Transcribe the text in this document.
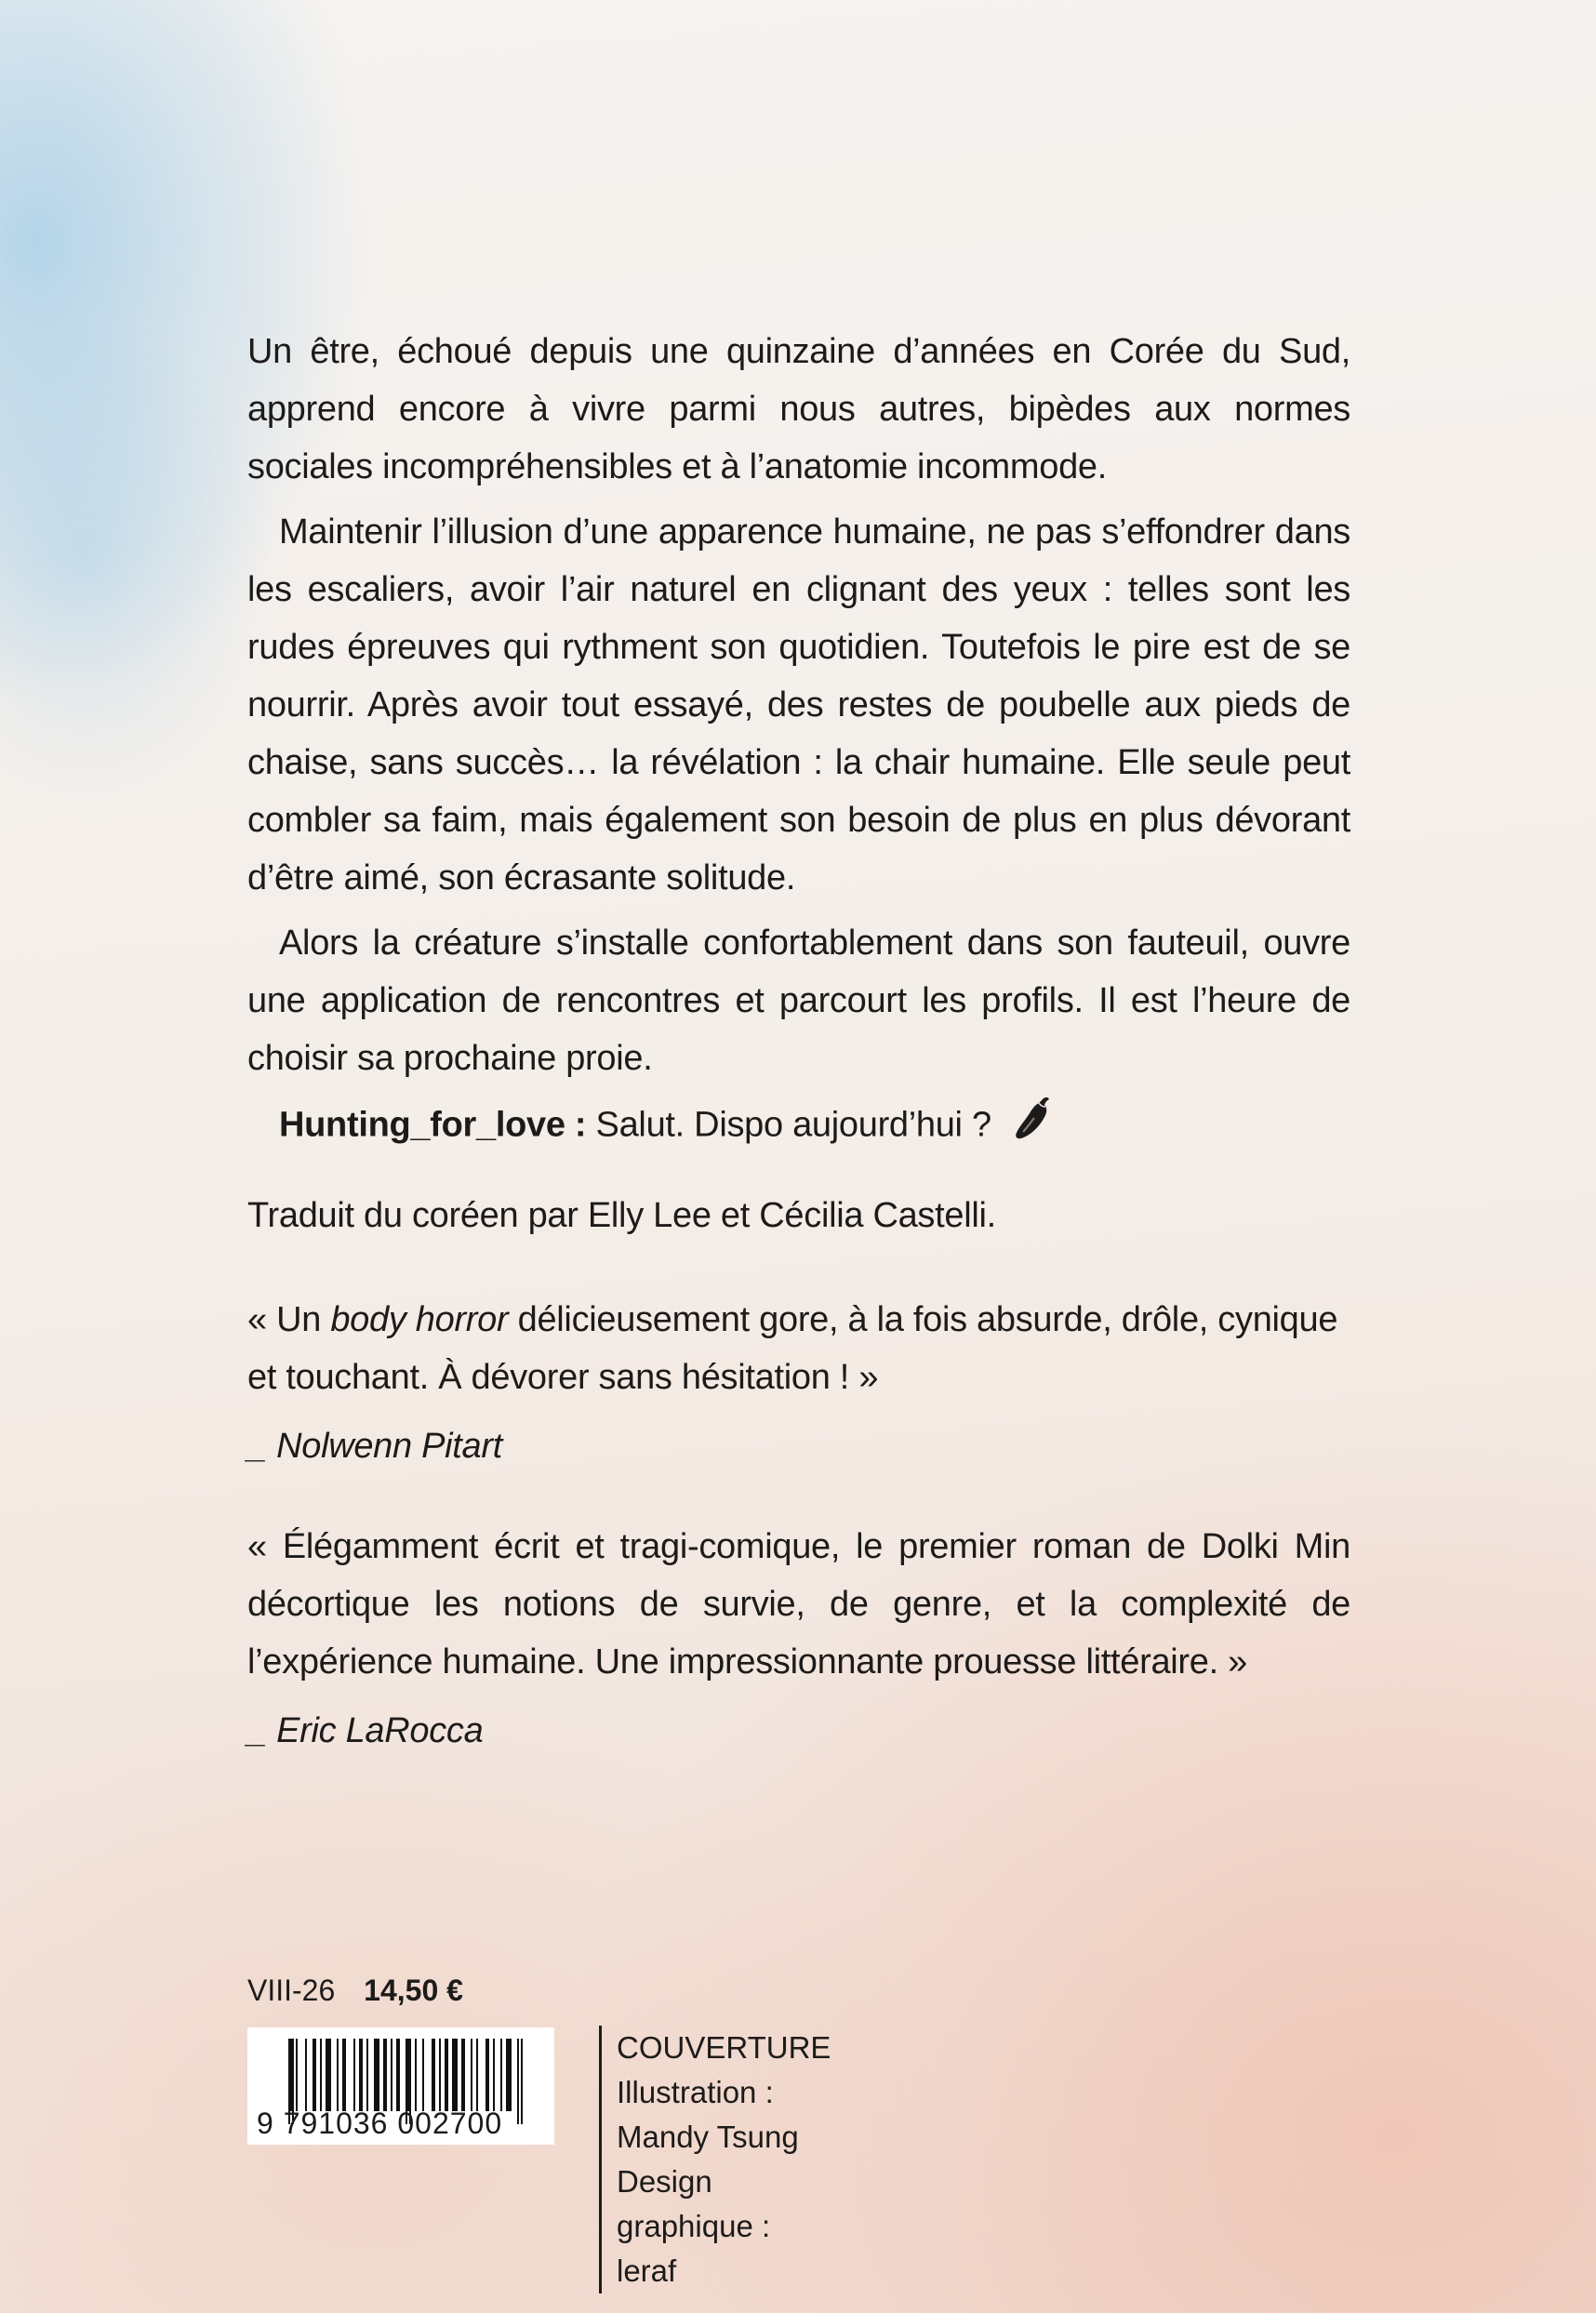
Un être, échoué depuis une quinzaine d’années en Corée du Sud, apprend encore à vivre parmi nous autres, bipèdes aux normes sociales incompréhensibles et à l’anatomie incommode.

Maintenir l’illusion d’une apparence humaine, ne pas s’effondrer dans les escaliers, avoir l’air naturel en clignant des yeux : telles sont les rudes épreuves qui rythment son quotidien. Toutefois le pire est de se nourrir. Après avoir tout essayé, des restes de poubelle aux pieds de chaise, sans succès… la révélation : la chair humaine. Elle seule peut combler sa faim, mais également son besoin de plus en plus dévorant d’être aimé, son écrasante solitude.

Alors la créature s’installe confortablement dans son fauteuil, ouvre une application de rencontres et parcourt les profils. Il est l’heure de choisir sa prochaine proie.

Hunting_for_love : Salut. Dispo aujourd’hui ?

Traduit du coréen par Elly Lee et Cécilia Castelli.

« Un body horror délicieusement gore, à la fois absurde, drôle, cynique et touchant. À dévorer sans hésitation ! »

_ Nolwenn Pitart

« Élégamment écrit et tragi-comique, le premier roman de Dolki Min décortique les notions de survie, de genre, et la complexité de l’expérience humaine. Une impressionnante prouesse littéraire. »

_ Eric LaRocca

VIII-26 14,50 €
9 791036 002700
COUVERTURE
Illustration : Mandy Tsung
Design graphique : leraf
